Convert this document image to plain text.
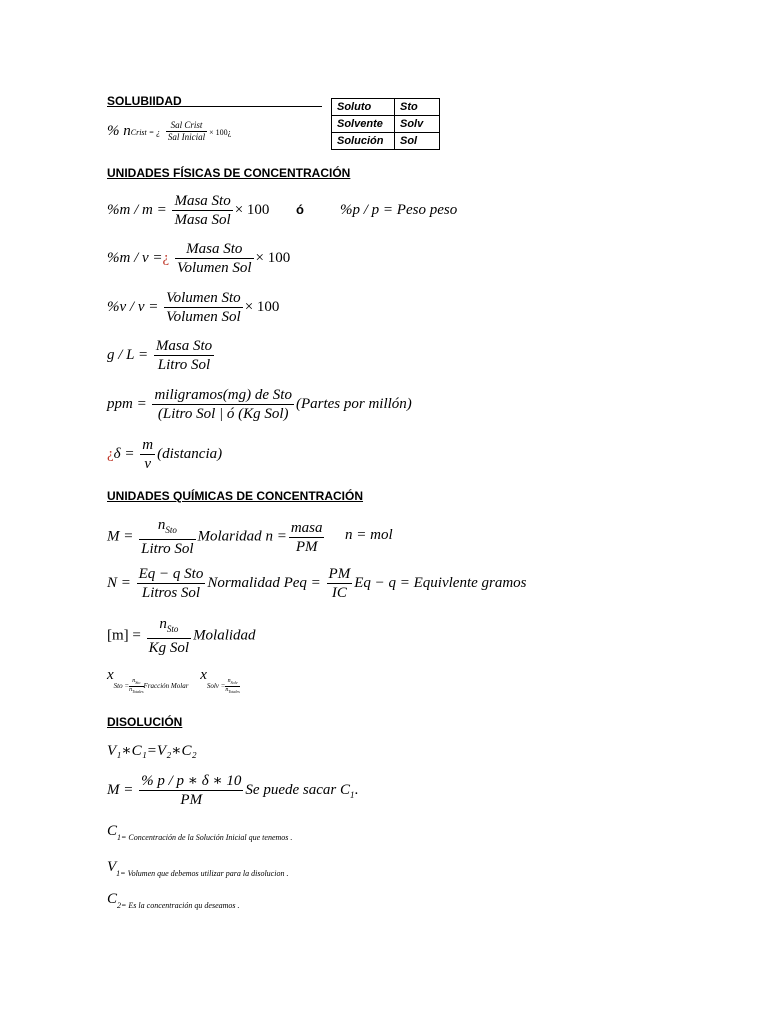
SOLUBIIDAD	Soluto	Sto
Solvente	Solv
Solución	Sol
% nCrist = ¿ $\frac{\text{Sal Crist}}{\text{Sal Inicial}}$ × 100¿
UNIDADES FÍSICAS DE CONCENTRACIÓN
$\%m / m = \frac{\text{Masa Sto}}{\text{Masa Sol}} \times 100$ ó %p / p = Peso peso
%m / v =¿ $\frac{\text{Masa Sto}}{\text{Volumen Sol}} \times 100$
$\%v / v = \frac{\text{Volumen Sto}}{\text{Volumen Sol}} \times 100$
$g / L = \frac{\text{Masa Sto}}{\text{Litro Sol}}$
ppm = $\frac{\text{miligramos(mg) de Sto}}{\text{(Litro Sol | ó (Kg Sol)}}$ (Partes por millón)
¿$\delta = \frac{m}{v}$ (distancia)
UNIDADES QUÍMICAS DE CONCENTRACIÓN
$M = \frac{n_{Sto}}{\text{Litro Sol}}$ Molaridad $n = \frac{\text{masa}}{PM}$ n = mol
$N = \frac{\text{Eq − q Sto}}{\text{Litros Sol}}$ Normalidad Peq = $\frac{PM}{IC}$ Eq − q = Equivlente gramos
$[m] = \frac{n_{Sto}}{\text{Kg Sol}}$ Molalidad
$x_{Sto =} \frac{n_{Sto}}{n_{Totales}} _{Fracción Molar}$ $x_{Solv =} \frac{n_{Solv}}{n_{Totales}}$
DISOLUCIÓN
V₁∗C₁=V₂∗C₂
$M = \frac{\% p / p ∗ \delta ∗ 10}{PM}$ Se puede sacar $C_1$.
$C_{1= Concentración de la Solución Inicial que tenemos .}$
$V_{1= Volumen que debemos utilizar para la disolucion .}$
$C_{2= Es la concentración qu deseamos .}$
